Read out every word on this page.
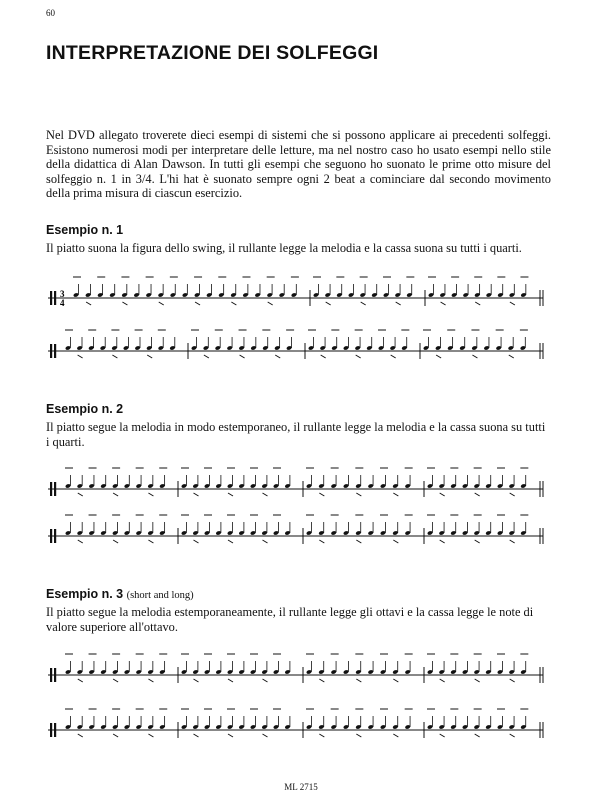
60
INTERPRETAZIONE DEI SOLFEGGI

Nel DVD allegato troverete dieci esempi di sistemi che si possono applicare ai precedenti solfeggi. Esistono numerosi modi per interpretare delle letture, ma nel nostro caso ho usato esempi nello stile della didattica di Alan Dawson. In tutti gli esempi che seguono ho suonato le prime otto misure del solfeggio n. 1 in 3/4. L'hi hat è suonato sempre ogni 2 beat a cominciare dal secondo movimento della prima misura di ciascun esercizio.

Esempio n. 1

Il piatto suona la figura dello swing, il rullante legge la melodia e la cassa suona su tutti i quarti.

Esempio n. 2

Il piatto segue la melodia in modo estemporaneo, il rullante legge la melodia e la cassa suona su tutti i quarti.

Esempio n. 3 (short and long)

Il piatto segue la melodia estemporaneamente, il rullante legge gli ottavi e la cassa legge le note di valore superiore all'ottavo.

3
4
ML 2715
